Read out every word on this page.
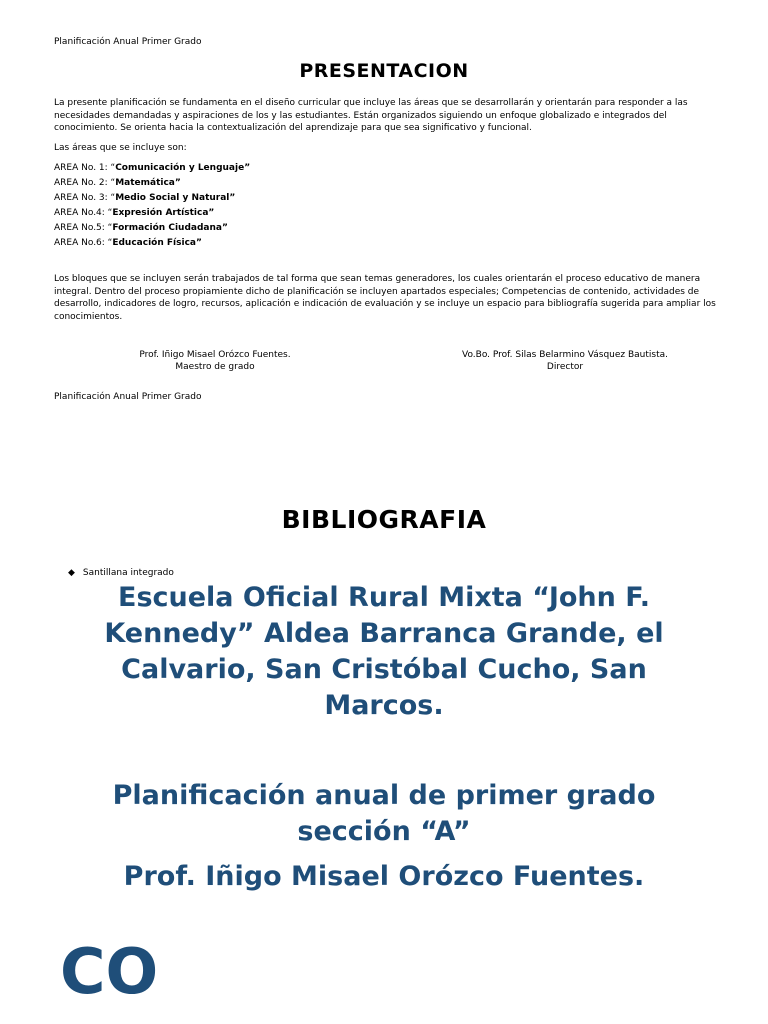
Planificación Anual Primer Grado
PRESENTACION
La presente planificación se fundamenta en el diseño curricular que incluye las áreas que se desarrollarán y orientarán para responder a las necesidades demandadas y aspiraciones de los y las estudiantes. Están organizados siguiendo un enfoque globalizado e integrados del conocimiento. Se orienta hacia la contextualización del aprendizaje para que sea significativo y funcional.
Las áreas que se incluye son:
AREA No. 1: “Comunicación y Lenguaje”
AREA No. 2: “Matemática”
AREA No. 3: “Medio Social y Natural”
AREA No.4: “Expresión Artística”
AREA No.5: “Formación Ciudadana”
AREA No.6: “Educación Física”
Los bloques que se incluyen serán trabajados de tal forma que sean temas generadores, los cuales orientarán el proceso educativo de manera integral. Dentro del proceso propiamiente dicho de planificación se incluyen apartados especiales; Competencias de contenido, actividades de desarrollo, indicadores de logro, recursos, aplicación e indicación de evaluación y se incluye un espacio para bibliografía sugerida para ampliar los conocimientos.
Prof. Iñigo Misael Orózco Fuentes.
Maestro de grado
Vo.Bo. Prof. Silas Belarmino Vásquez Bautista.
Director
Planificación Anual Primer Grado
BIBLIOGRAFIA
◆ Santillana integrado
Escuela Oficial Rural Mixta “John F. Kennedy” Aldea Barranca Grande, el Calvario, San Cristóbal Cucho, San Marcos.
Planificación anual de primer grado sección “A”
Prof. Iñigo Misael Orózco Fuentes.
CO
